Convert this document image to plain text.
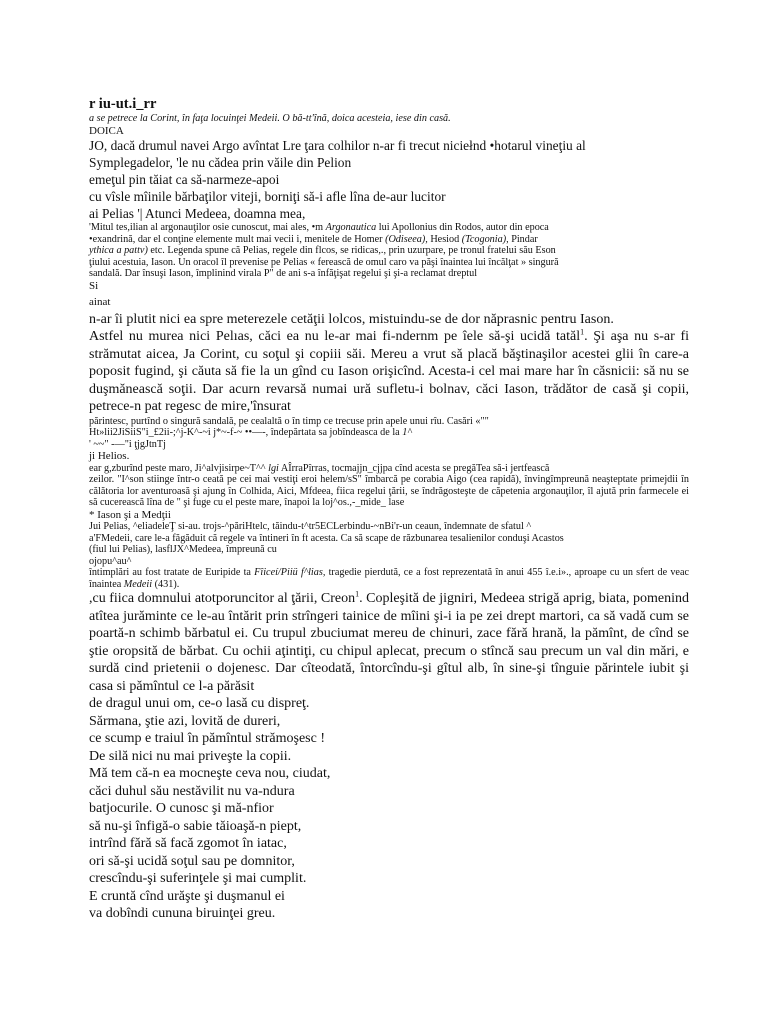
r iu-ut.i_rr
a se petrece la Corint, în faţa locuinţei Medeii. O bă-tt'înă, doica acesteia, iese din casă.
DOICA
JO, dacă drumul navei Argo avîntat Lre ţara colhilor n-ar fi trecut niciełnd •hotarul vineţiu al
Symplegadelor, 'le nu cădea prin văile din Pelion
emeţul pin tăiat ca să-narmeze-apoi
cu vîsle mîinile bărbaţilor viteji, borniţi să-i afle lîna de-aur lucitor
ai Pelias '| Atunci Medeea, doamna mea,
'Mitul tes,ilian al argonauţilor osie cunoscut, mai ales, •m Argonautica lui Apollonius din Rodos, autor din epoca
•exandrină, dar el conţine elemente mult mai vecii i, menitele de Homer (Odiseea), Hesiod (Tcogonia), Pindar
ythica a pattv) etc. Legenda spune că Pelias, regele din flcos, se ridicas,., prin uzurpare, pe tronul fratelui său Eson
ţiului acestuia, Iason. Un oracol îl prevenise pe Pelias « ferească de omul caro va păşi înaintea lui încălţat » singură
sandală. Dar însuşi Iason, împlinind virala P" de ani s-a înfăţişat regelui şi şi-a reclamat dreptul
Si
ainat
n-ar îi plutit nici ea spre meterezele cetăţii lolcos, mistuindu-se de dor năprasnic pentru Iason.
Astfel nu murea nici Pelıas, căci ea nu le-ar mai fi-ndernm pe îele să-şi ucidă tatăl$^1$. Şi aşa nu s-ar fi strămutat aicea, Ja Corint, cu soţul şi copiii săi. Mereu a vrut să placă băştinaşilor acestei glii în care-a poposit fugind, şi căuta să fie la un gînd cu Iason orişicînd. Acesta-i cel mai mare har în căsnicii: să nu se duşmănească soţii. Dar acurn revarsă numai ură sufletu-i bolnav, căci Iason, trădător de casă şi copii, petrece-n pat regesc de mire,'însurat
părintesc, purtînd o singură sandală, pe cealaltă o în timp ce trecuse prin apele unui rîu. Casări «""
Ht»lii2JiSiiS"i_£2ii-;^j-K^-~i j*~-f-~ ••—-, îndepărtata sa jobîndeasca de la 1^
' ~~" -—"i ţjgJtnTj
ji Helios.
ear g,zburînd peste maro, Ji^alvjisirpe~T^^ lgi AÎrraPîrras, tocmajjn_cjjpa cînd acesta se pregăTea să-i jertfească
zeilor. "I^son stiinge într-o ceată pe cei mai vestiţi eroi helem/sS" îmbarcă pe corabia Aigo (cea rapidă), învingîmpreună neaşteptate primejdii în călătoria lor aventuroasă şi ajung în Colhida, Aici, Mfdeea, fiica regelui ţării, se îndrăgosteşte de căpetenia argonauţilor, îl ajută prin farmecele ei să cucerească lîna de " şi fuge cu el peste mare, înapoi la loj^os.,-_mide_ lase
* Iason şi a Medţii
Jui Pelias, ^eliadeleŢ si-au. trojs-^păriHtelc, tăindu-t^tr5ECLerbindu-~nBi'r-un ceaun, îndemnate de sfatul ^
a'FMedeii, care le-a făgăduit că regele va întineri în ft acesta. Ca să scape de răzbunarea tesalienilor conduşi Acastos
(fiul lui Pelias), lasflJX^Medeea, împreună cu
ojopu^au^
întimplări au fost tratate de Euripide ta Fîiceí/Piiü f^lias, tragedie pierdută, ce a fost reprezentată în anui 455 î.e.i»., aproape cu un sfert de veac înaintea Medeii (431).
,cu fiica domnului atotporuncitor al ţării, Creon$^1$. Copleşită de jigniri, Medeea strigă aprig, biata, pomenind atîtea jurăminte ce le-au întărit prin strîngeri tainice de mîini şi-i ia pe zei drept martori, ca să vadă cum se poartă-n schimb bărbatul ei. Cu trupul zbuciumat mereu de chinuri, zace fără hrană, la pămînt, de cînd se ştie oropsită de bărbat. Cu ochii aţintiţi, cu chipul aplecat, precum o stîncă sau precum un val din mări, e surdă cind prietenii o dojenesc. Dar cîteodată, întorcîndu-şi gîtul alb, în sine-şi tînguie părintele iubit şi casa si pămîntul ce l-a părăsit
de dragul unui om, ce-o lasă cu dispreţ.
Sărmana, ştie azi, lovită de dureri,
ce scump e traiul în pămîntul strămoşesc !
De silă nici nu mai priveşte la copii.
Mă tem că-n ea mocneşte ceva nou, ciudat,
căci duhul său nestăvilit nu va-ndura
batjocurile. O cunosc şi mă-nfior
să nu-şi înfigă-o sabie tăioaşă-n piept,
intrînd fără să facă zgomot în iatac,
ori să-şi ucidă soţul sau pe domnitor,
crescîndu-şi suferinţele şi mai cumplit.
E cruntă cînd urăşte şi duşmanul ei
va dobîndi cununa biruinţei greu.
